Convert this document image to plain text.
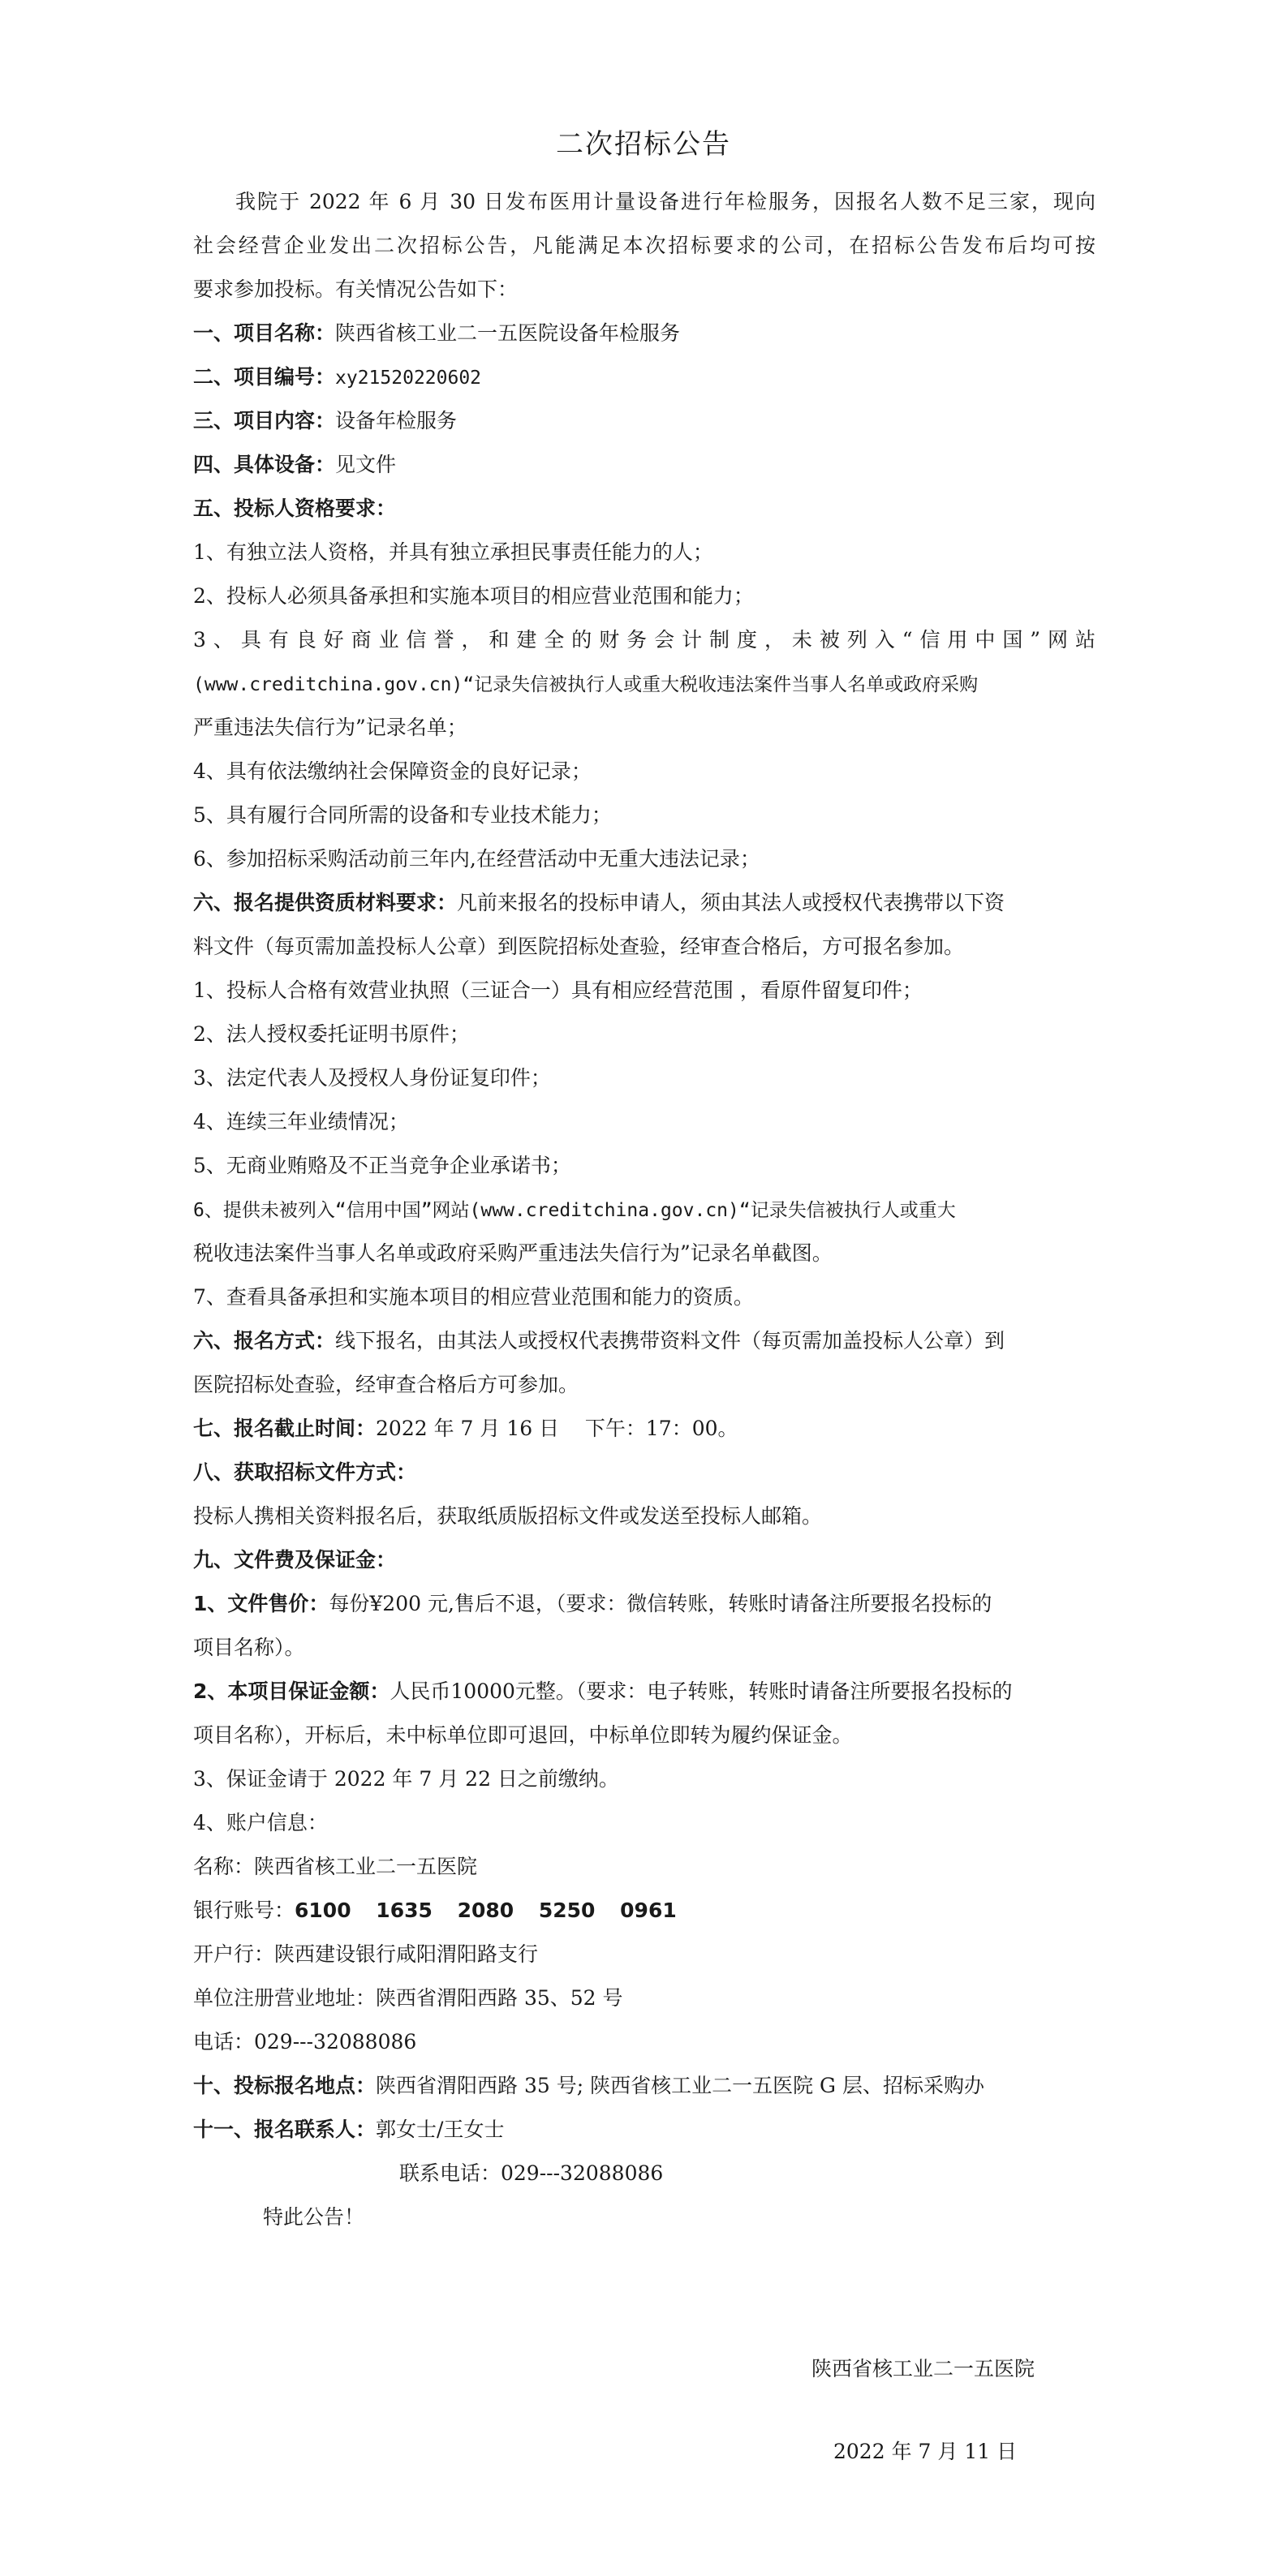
二次招标公告
我院于 2022 年 6 月 30 日发布医用计量设备进行年检服务，因报名人数不足三家，现向
社会经营企业发出二次招标公告，凡能满足本次招标要求的公司，在招标公告发布后均可按
要求参加投标。有关情况公告如下：
一、项目名称：陕西省核工业二一五医院设备年检服务
二、项目编号：xy21520220602
三、项目内容：设备年检服务
四、具体设备：见文件
五、投标人资格要求：
1、有独立法人资格，并具有独立承担民事责任能力的人；
2、投标人必须具备承担和实施本项目的相应营业范围和能力；
3、具有良好商业信誉，和建全的财务会计制度，未被列入“信用中国”网站
(www.creditchina.gov.cn)“记录失信被执行人或重大税收违法案件当事人名单或政府采购
严重违法失信行为”记录名单；
4、具有依法缴纳社会保障资金的良好记录；
5、具有履行合同所需的设备和专业技术能力；
6、参加招标采购活动前三年内,在经营活动中无重大违法记录；
六、报名提供资质材料要求：凡前来报名的投标申请人，须由其法人或授权代表携带以下资
料文件（每页需加盖投标人公章）到医院招标处查验，经审查合格后，方可报名参加。
1、投标人合格有效营业执照（三证合一）具有相应经营范围 ，看原件留复印件；
2、法人授权委托证明书原件；
3、法定代表人及授权人身份证复印件；
4、连续三年业绩情况；
5、无商业贿赂及不正当竞争企业承诺书；
6、提供未被列入“信用中国”网站(www.creditchina.gov.cn)“记录失信被执行人或重大
税收违法案件当事人名单或政府采购严重违法失信行为”记录名单截图。
7、查看具备承担和实施本项目的相应营业范围和能力的资质。
六、报名方式：线下报名，由其法人或授权代表携带资料文件（每页需加盖投标人公章）到
医院招标处查验，经审查合格后方可参加。
七、报名截止时间：2022 年 7 月 16 日    下午：17：00。
八、获取招标文件方式：
投标人携相关资料报名后，获取纸质版招标文件或发送至投标人邮箱。
九、文件费及保证金：
1、文件售价：每份¥200 元,售后不退，（要求：微信转账，转账时请备注所要报名投标的
项目名称）。
2、本项目保证金额：人民币10000元整。（要求：电子转账，转账时请备注所要报名投标的
项目名称），开标后，未中标单位即可退回，中标单位即转为履约保证金。
3、保证金请于 2022 年 7 月 22 日之前缴纳。
4、账户信息：
名称：陕西省核工业二一五医院
银行账号：6100 1635 2080 5250 0961
开户行：陕西建设银行咸阳渭阳路支行
单位注册营业地址：陕西省渭阳西路 35、52 号
电话：029---32088086
十、投标报名地点：陕西省渭阳西路 35 号; 陕西省核工业二一五医院 G 层、招标采购办
十一、报名联系人：郭女士/王女士
联系电话：029---32088086
特此公告！
陕西省核工业二一五医院
2022 年 7 月 11 日
